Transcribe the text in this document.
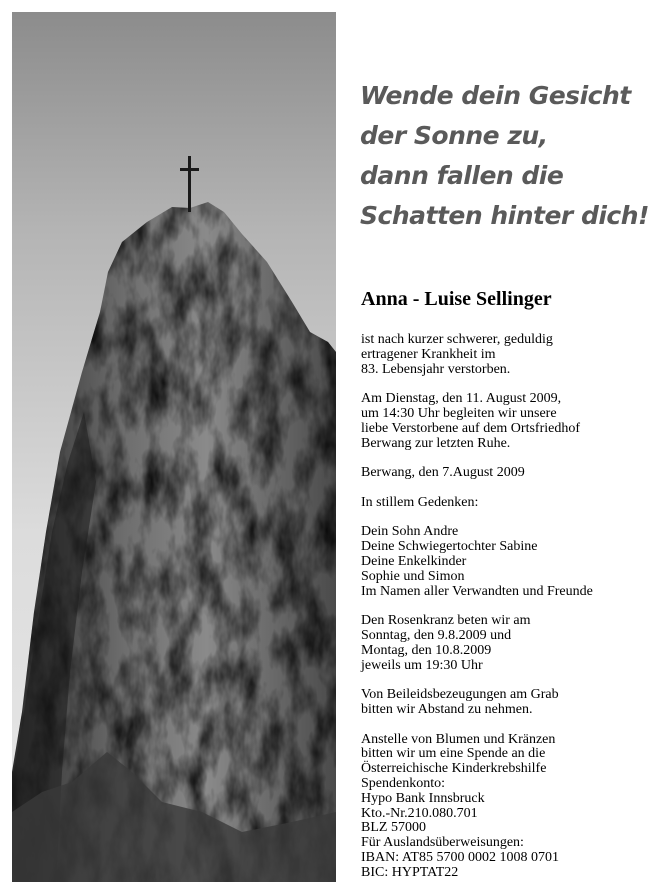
Wende dein Gesicht
der Sonne zu,
dann fallen die
Schatten hinter dich!
Anna - Luise Sellinger
ist nach kurzer schwerer, geduldig
ertragener Krankheit im
83. Lebensjahr verstorben.
Am Dienstag, den 11. August 2009,
um 14:30 Uhr begleiten wir unsere
liebe Verstorbene auf dem Ortsfriedhof
Berwang zur letzten Ruhe.
Berwang, den 7.August 2009
In stillem Gedenken:
Dein Sohn Andre
Deine Schwiegertochter Sabine
Deine Enkelkinder
Sophie und Simon
Im Namen aller Verwandten und Freunde
Den Rosenkranz beten wir am
Sonntag, den 9.8.2009 und
Montag, den 10.8.2009
jeweils um 19:30 Uhr
Von Beileidsbezeugungen am Grab
bitten wir Abstand zu nehmen.
Anstelle von Blumen und Kränzen
bitten wir um eine Spende an die
Österreichische Kinderkrebshilfe
Spendenkonto:
Hypo Bank Innsbruck
Kto.-Nr.210.080.701
BLZ 57000
Für Auslandsüberweisungen:
IBAN: AT85 5700 0002 1008 0701
BIC: HYPTAT22
